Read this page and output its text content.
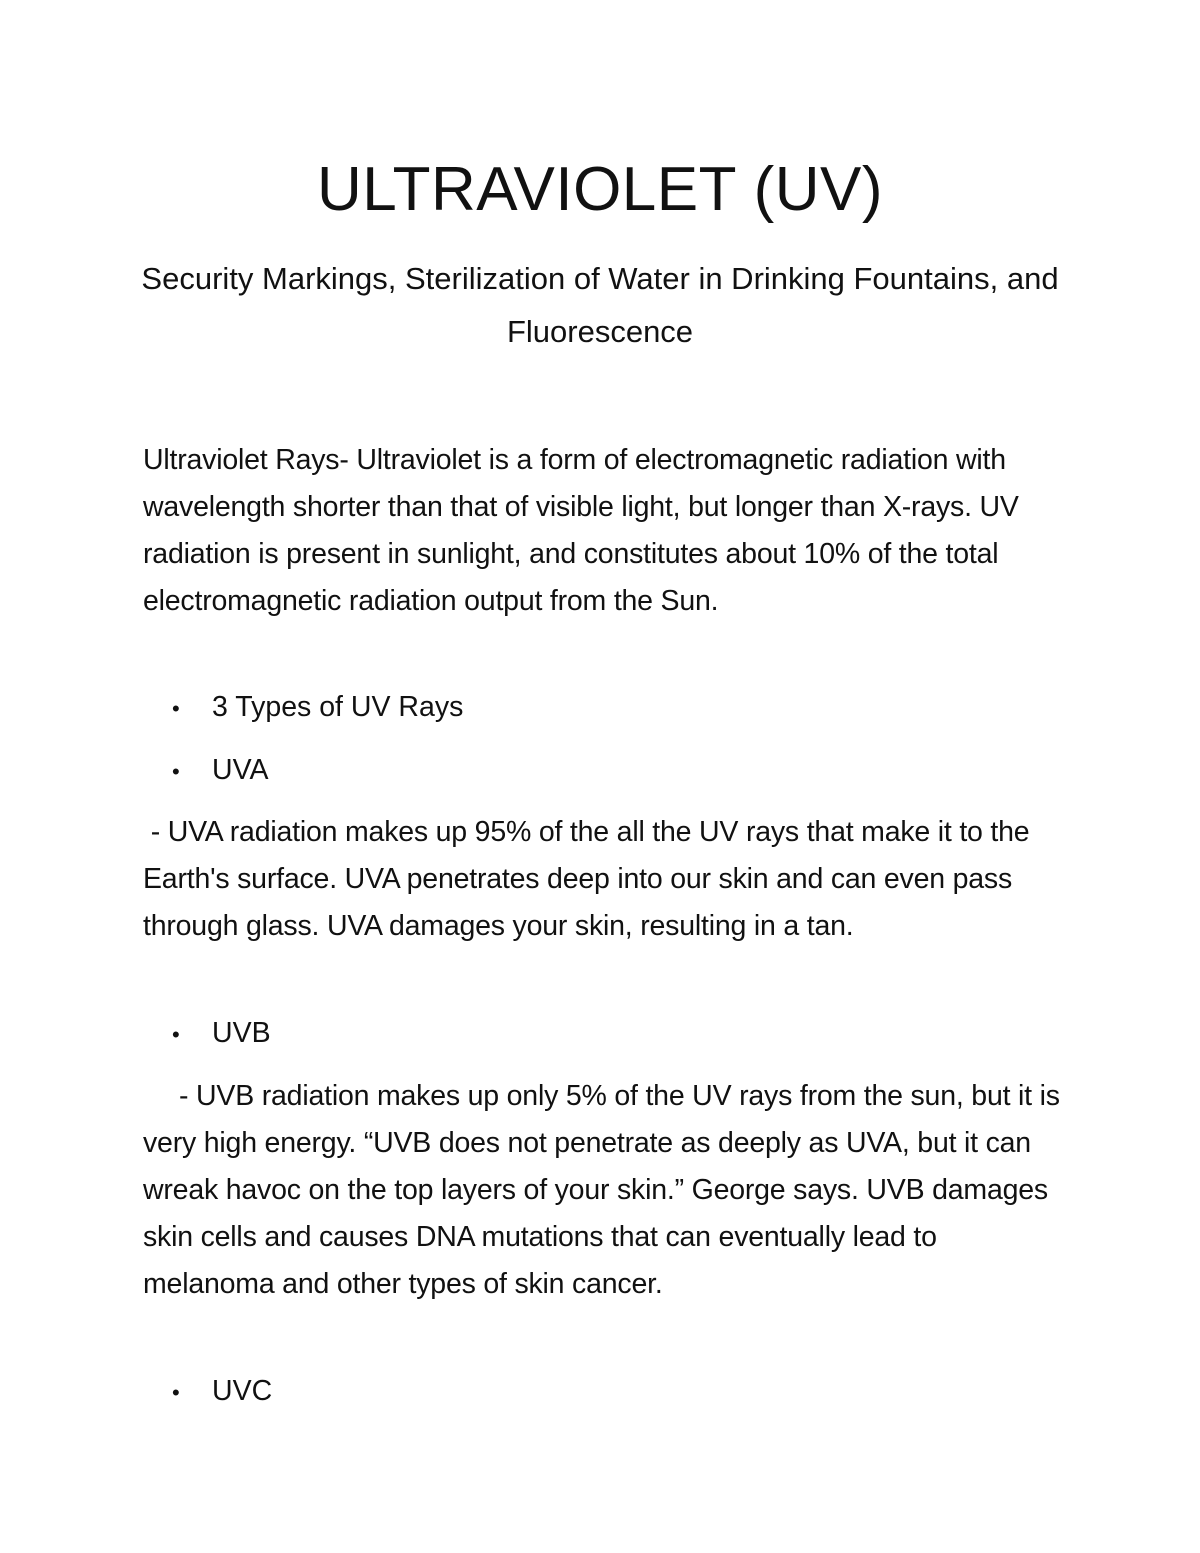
ULTRAVIOLET (UV)

Security Markings, Sterilization of Water in Drinking Fountains, and Fluorescence

Ultraviolet Rays- Ultraviolet is a form of electromagnetic radiation with wavelength shorter than that of visible light, but longer than X-rays. UV radiation is present in sunlight, and constitutes about 10% of the total electromagnetic radiation output from the Sun.

•	3 Types of UV Rays
•	UVA

- UVA radiation makes up 95% of the all the UV rays that make it to the Earth's surface. UVA penetrates deep into our skin and can even pass through glass. UVA damages your skin, resulting in a tan.

•	UVB

- UVB radiation makes up only 5% of the UV rays from the sun, but it is very high energy. “UVB does not penetrate as deeply as UVA, but it can wreak havoc on the top layers of your skin.” George says. UVB damages skin cells and causes DNA mutations that can eventually lead to melanoma and other types of skin cancer.

•	UVC
